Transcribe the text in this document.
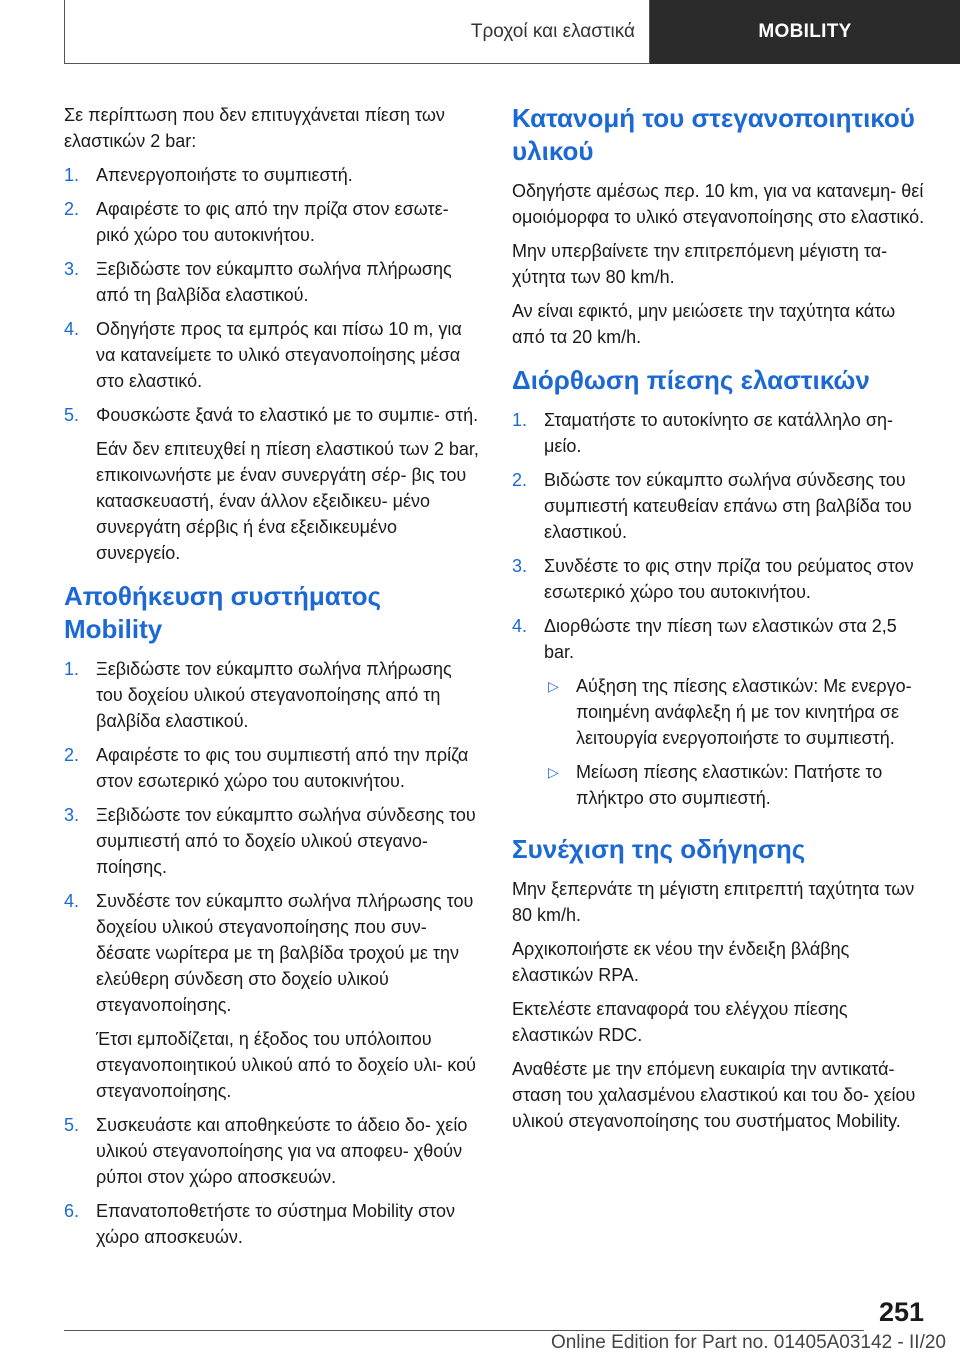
Τροχοί και ελαστικά	MOBILITY

Σε περίπτωση που δεν επιτυγχάνεται πίεση των ελαστικών 2 bar:

1. Απενεργοποιήστε το συμπιεστή.
2. Αφαιρέστε το φις από την πρίζα στον εσωτε‐ ρικό χώρο του αυτοκινήτου.
3. Ξεβιδώστε τον εύκαμπτο σωλήνα πλήρωσης από τη βαλβίδα ελαστικού.
4. Οδηγήστε προς τα εμπρός και πίσω 10 m, για να κατανείμετε το υλικό στεγανοποίησης μέσα στο ελαστικό.
5. Φουσκώστε ξανά το ελαστικό με το συμπιε‐ στή.
Εάν δεν επιτευχθεί η πίεση ελαστικού των 2 bar, επικοινωνήστε με έναν συνεργάτη σέρ‐ βις του κατασκευαστή, έναν άλλον εξειδικευ‐ μένο συνεργάτη σέρβις ή ένα εξειδικευμένο συνεργείο.
Αποθήκευση συστήματος Mobility
1. Ξεβιδώστε τον εύκαμπτο σωλήνα πλήρωσης του δοχείου υλικού στεγανοποίησης από τη βαλβίδα ελαστικού.
2. Αφαιρέστε το φις του συμπιεστή από την πρίζα στον εσωτερικό χώρο του αυτοκινήτου.
3. Ξεβιδώστε τον εύκαμπτο σωλήνα σύνδεσης του συμπιεστή από το δοχείο υλικού στεγανο‐ ποίησης.
4. Συνδέστε τον εύκαμπτο σωλήνα πλήρωσης του δοχείου υλικού στεγανοποίησης που συν‐ δέσατε νωρίτερα με τη βαλβίδα τροχού με την ελεύθερη σύνδεση στο δοχείο υλικού στεγανοποίησης.
Έτσι εμποδίζεται, η έξοδος του υπόλοιπου στεγανοποιητικού υλικού από το δοχείο υλι‐ κού στεγανοποίησης.
5. Συσκευάστε και αποθηκεύστε το άδειο δο‐ χείο υλικού στεγανοποίησης για να αποφευ‐ χθούν ρύποι στον χώρο αποσκευών.
6. Επανατοποθετήστε το σύστημα Mobility στον χώρο αποσκευών.
Κατανομή του στεγανοποιητικού υλικού

Οδηγήστε αμέσως περ. 10 km, για να κατανεμη‐ θεί ομοιόμορφα το υλικό στεγανοποίησης στο ελαστικό.

Μην υπερβαίνετε την επιτρεπόμενη μέγιστη τα‐ χύτητα των 80 km/h.

Αν είναι εφικτό, μην μειώσετε την ταχύτητα κάτω από τα 20 km/h.

Διόρθωση πίεσης ελαστικών
1. Σταματήστε το αυτοκίνητο σε κατάλληλο ση‐ μείο.
2. Βιδώστε τον εύκαμπτο σωλήνα σύνδεσης του συμπιεστή κατευθείαν επάνω στη βαλβίδα του ελαστικού.
3. Συνδέστε το φις στην πρίζα του ρεύματος στον εσωτερικό χώρο του αυτοκινήτου.
4. Διορθώστε την πίεση των ελαστικών στα 2,5 bar.
▷ Αύξηση της πίεσης ελαστικών: Με ενεργο‐ ποιημένη ανάφλεξη ή με τον κινητήρα σε λειτουργία ενεργοποιήστε το συμπιεστή.
▷ Μείωση πίεσης ελαστικών: Πατήστε το πλήκτρο στο συμπιεστή.
Συνέχιση της οδήγησης

Μην ξεπερνάτε τη μέγιστη επιτρεπτή ταχύτητα των 80 km/h.

Αρχικοποιήστε εκ νέου την ένδειξη βλάβης ελαστικών RPA.

Εκτελέστε επαναφορά του ελέγχου πίεσης ελαστικών RDC.

Αναθέστε με την επόμενη ευκαιρία την αντικατά‐ σταση του χαλασμένου ελαστικού και του δο‐ χείου υλικού στεγανοποίησης του συστήματος Mobility.

251
Online Edition for Part no. 01405A03142 - II/20
